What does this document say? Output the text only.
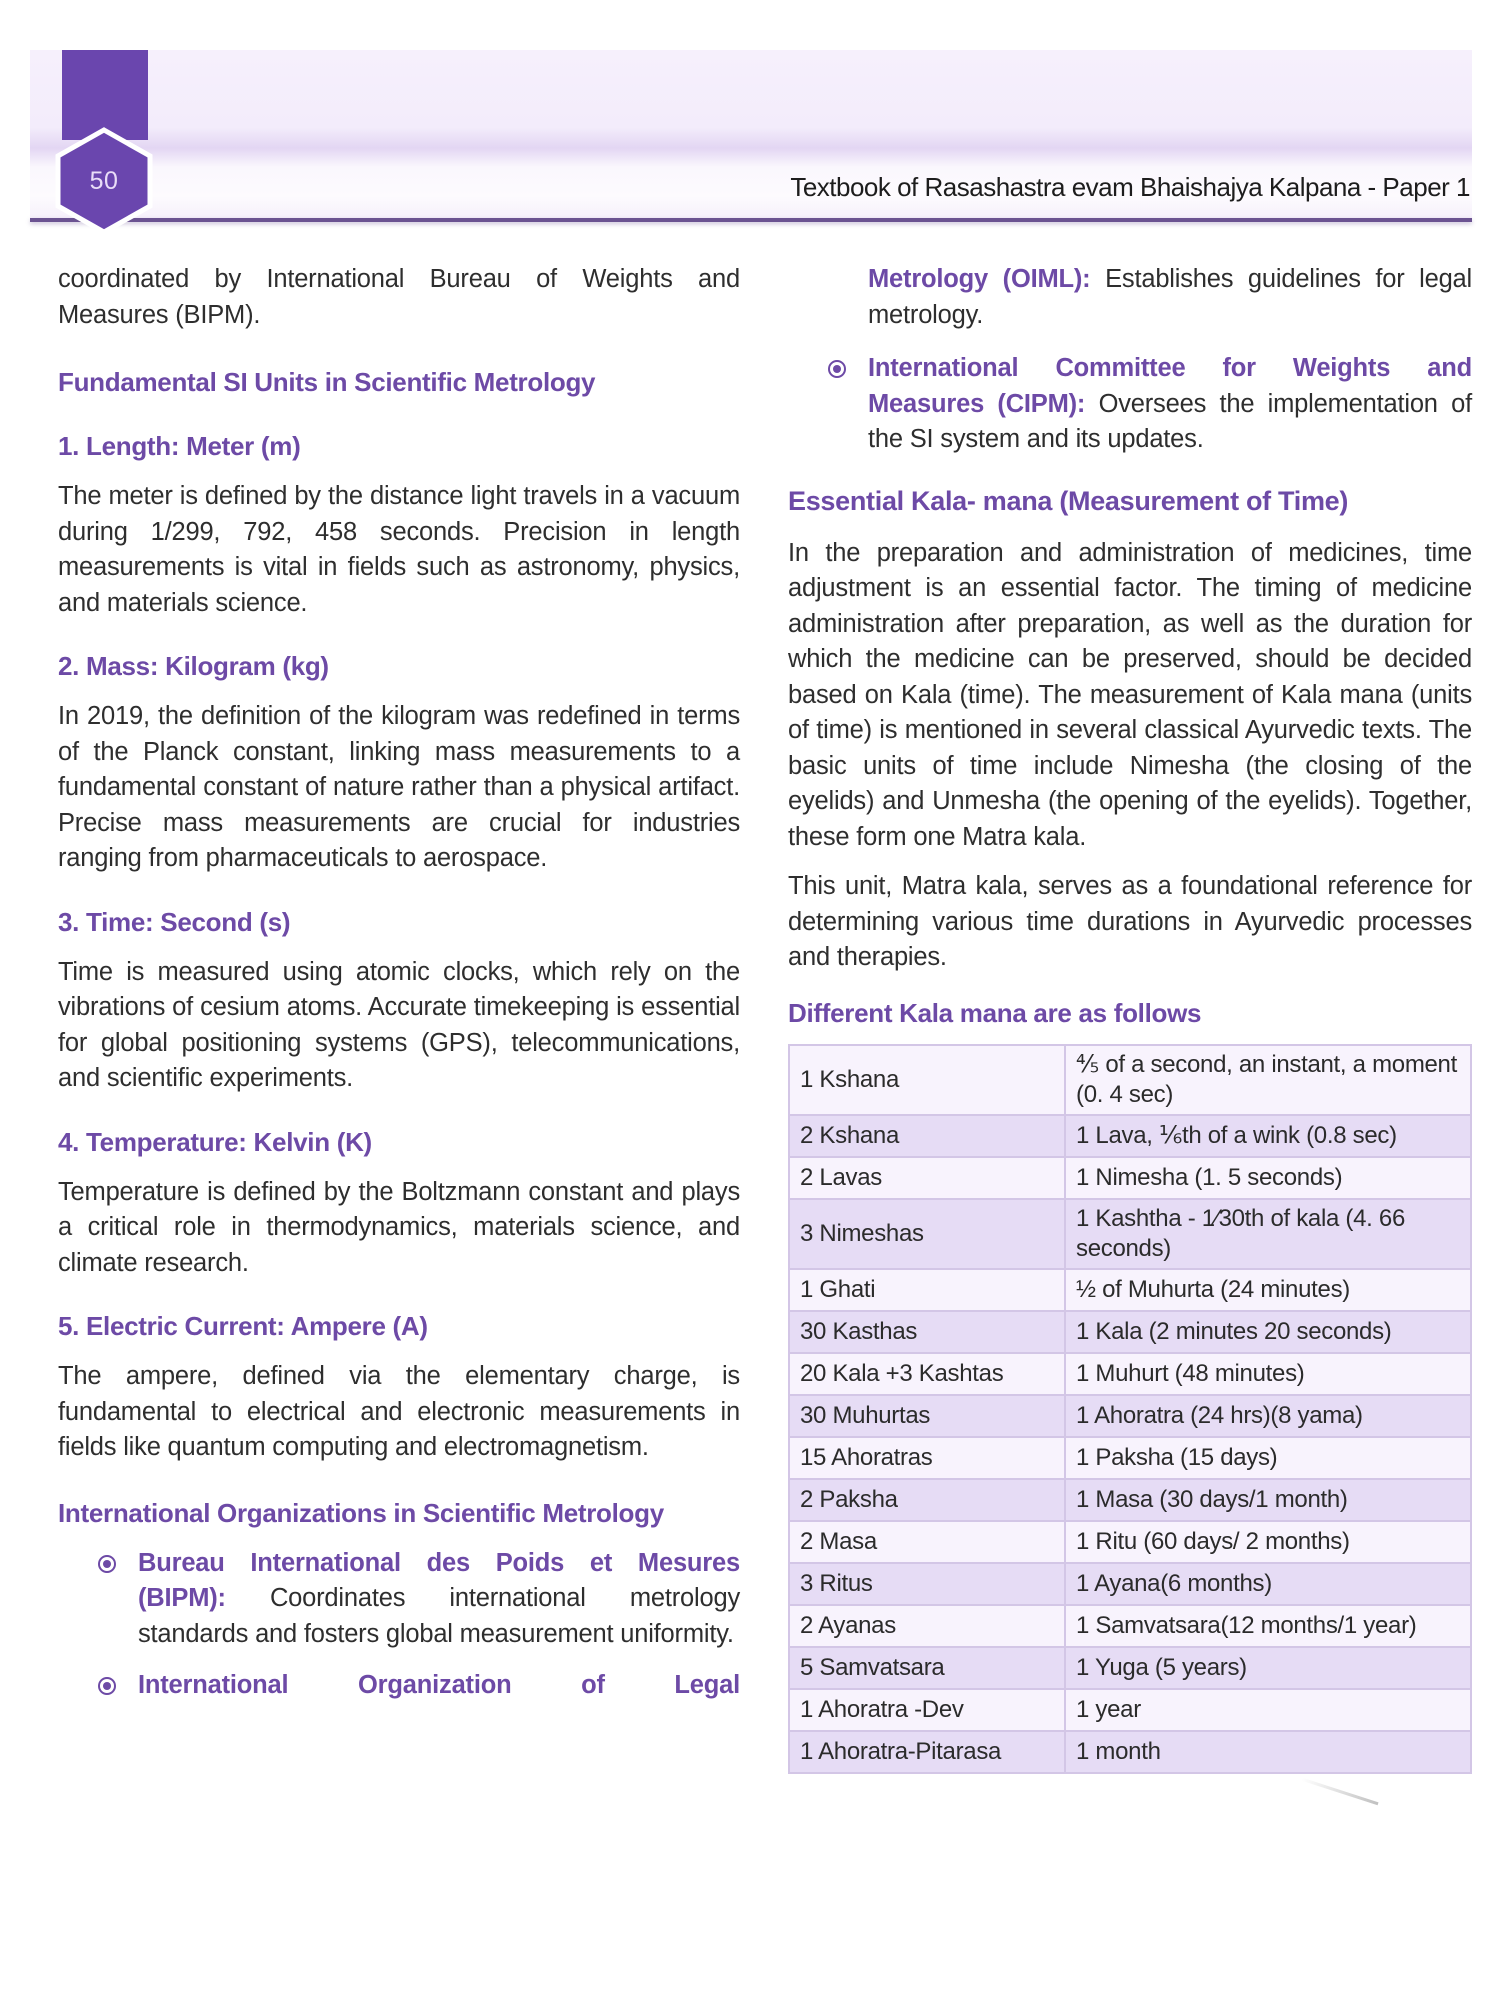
50	Textbook of Rasashastra evam Bhaishajya Kalpana - Paper 1

coordinated by International Bureau of Weights and Measures (BIPM).

Fundamental SI Units in Scientific Metrology
1. Length: Meter (m)

The meter is defined by the distance light travels in a vacuum during 1/299, 792, 458 seconds. Precision in length measurements is vital in fields such as astronomy, physics, and materials science.

2. Mass: Kilogram (kg)

In 2019, the definition of the kilogram was redefined in terms of the Planck constant, linking mass measurements to a fundamental constant of nature rather than a physical artifact. Precise mass measurements are crucial for industries ranging from pharmaceuticals to aerospace.

3. Time: Second (s)

Time is measured using atomic clocks, which rely on the vibrations of cesium atoms. Accurate timekeeping is essential for global positioning systems (GPS), telecommunications, and scientific experiments.

4. Temperature: Kelvin (K)

Temperature is defined by the Boltzmann constant and plays a critical role in thermodynamics, materials science, and climate research.

5. Electric Current: Ampere (A)

The ampere, defined via the elementary charge, is fundamental to electrical and electronic measurements in fields like quantum computing and electromagnetism.

International Organizations in Scientific Metrology

Bureau International des Poids et Mesures (BIPM): Coordinates international metrology standards and fosters global measurement uniformity.

International Organization of Legal

Metrology (OIML): Establishes guidelines for legal metrology.

International Committee for Weights and Measures (CIPM): Oversees the implementation of the SI system and its updates.

Essential Kala- mana (Measurement of Time)

In the preparation and administration of medicines, time adjustment is an essential factor. The timing of medicine administration after preparation, as well as the duration for which the medicine can be preserved, should be decided based on Kala (time). The measurement of Kala mana (units of time) is mentioned in several classical Ayurvedic texts. The basic units of time include Nimesha (the closing of the eyelids) and Unmesha (the opening of the eyelids). Together, these form one Matra kala.

This unit, Matra kala, serves as a foundational reference for determining various time durations in Ayurvedic processes and therapies.

Different Kala mana are as follows
1 Kshana	⅘ of a second, an instant, a moment (0. 4 sec)
2 Kshana	1 Lava, ⅙th of a wink (0.8 sec)
2 Lavas	1 Nimesha (1. 5 seconds)
3 Nimeshas	1 Kashtha - 1⁄30th of kala (4. 66 seconds)
1 Ghati	½ of Muhurta (24 minutes)
30 Kasthas	1 Kala (2 minutes 20 seconds)
20 Kala +3 Kashtas	1 Muhurt (48 minutes)
30 Muhurtas	1 Ahoratra (24 hrs)(8 yama)
15 Ahoratras	1 Paksha (15 days)
2 Paksha	1 Masa (30 days/1 month)
2 Masa	1 Ritu (60 days/ 2 months)
3 Ritus	1 Ayana(6 months)
2 Ayanas	1 Samvatsara(12 months/1 year)
5 Samvatsara	1 Yuga (5 years)
1 Ahoratra -Dev	1 year
1 Ahoratra-Pitarasa	1 month
